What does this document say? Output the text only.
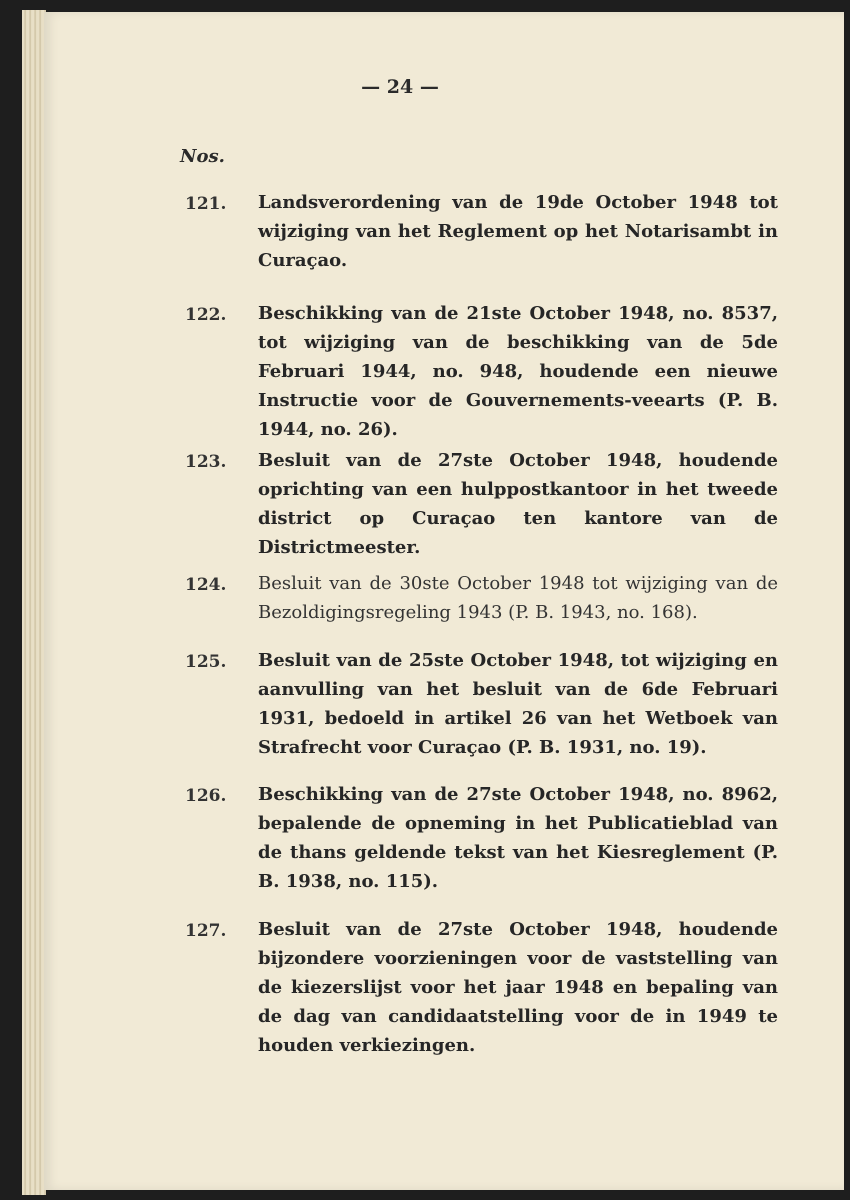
— 24 —
Nos.
121.	Landsverordening van de 19de October 1948 tot wijziging van het Reglement op het Notarisambt in Curaçao.
122.	Beschikking van de 21ste October 1948, no. 8537, tot wijziging van de beschikking van de 5de Februari 1944, no. 948, houdende een nieuwe Instructie voor de Gouvernements-veearts (P. B. 1944, no. 26).
123.	Besluit van de 27ste October 1948, houdende oprichting van een hulppostkantoor in het tweede district op Curaçao ten kantore van de Districtmeester.
124.	Besluit van de 30ste October 1948 tot wijziging van de Bezoldigingsregeling 1943 (P. B. 1943, no. 168).
125.	Besluit van de 25ste October 1948, tot wijziging en aanvulling van het besluit van de 6de Februari 1931, bedoeld in artikel 26 van het Wetboek van Strafrecht voor Curaçao (P. B. 1931, no. 19).
126.	Beschikking van de 27ste October 1948, no. 8962, bepalende de opneming in het Publicatieblad van de thans geldende tekst van het Kiesreglement (P. B. 1938, no. 115).
127.	Besluit van de 27ste October 1948, houdende bijzondere voorzieningen voor de vaststelling van de kiezerslijst voor het jaar 1948 en bepaling van de dag van candidaatstelling voor de in 1949 te houden verkiezingen.
